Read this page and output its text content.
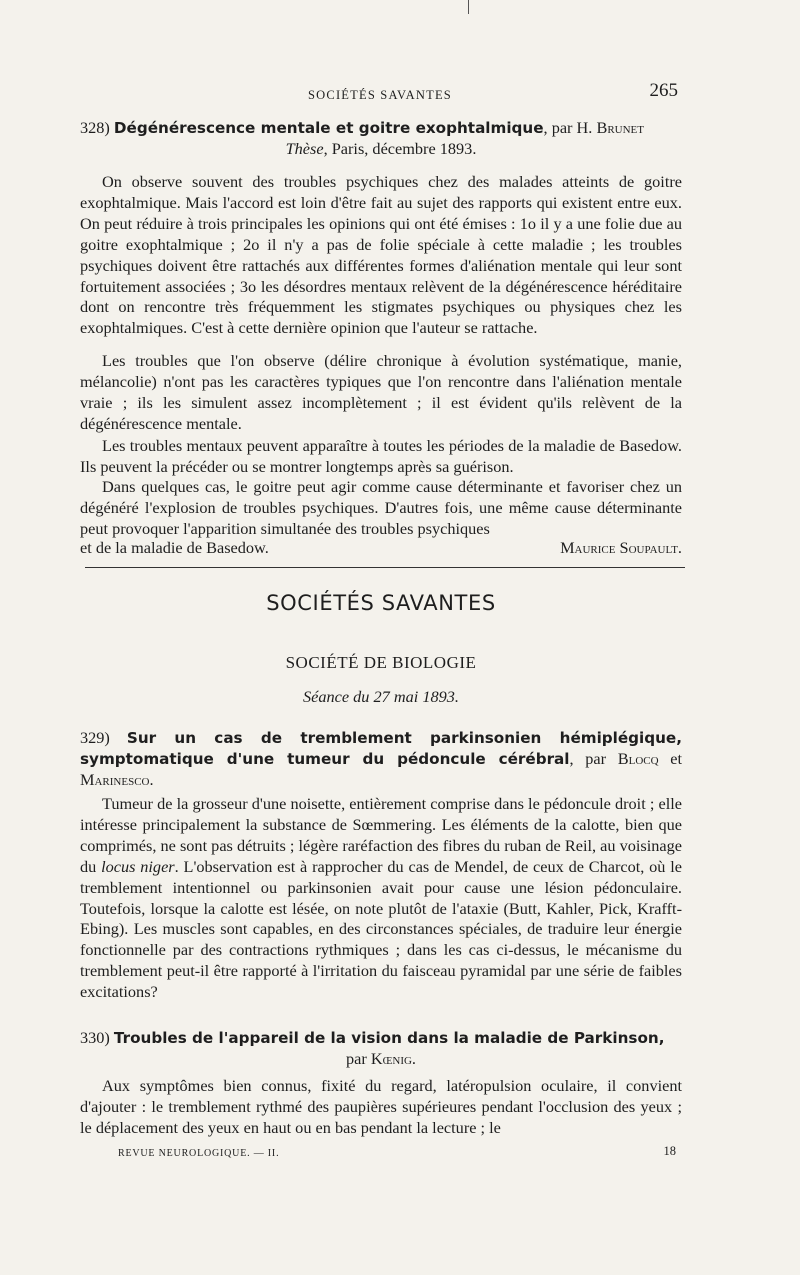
SOCIÉTÉS SAVANTES	265

328) Dégénérescence mentale et goitre exophtalmique, par H. Brunet

Thèse, Paris, décembre 1893.

On observe souvent des troubles psychiques chez des malades atteints de goitre exophtalmique. Mais l'accord est loin d'être fait au sujet des rapports qui existent entre eux. On peut réduire à trois principales les opinions qui ont été émises : 1o il y a une folie due au goitre exophtalmique ; 2o il n'y a pas de folie spéciale à cette maladie ; les troubles psychiques doivent être rattachés aux différentes formes d'aliénation mentale qui leur sont fortuitement associées ; 3o les désordres mentaux relèvent de la dégénérescence héréditaire dont on rencontre très fréquemment les stigmates psychiques ou physiques chez les exophtalmiques. C'est à cette dernière opinion que l'auteur se rattache.

Les troubles que l'on observe (délire chronique à évolution systématique, manie, mélancolie) n'ont pas les caractères typiques que l'on rencontre dans l'aliénation mentale vraie ; ils les simulent assez incomplètement ; il est évident qu'ils relèvent de la dégénérescence mentale.

Les troubles mentaux peuvent apparaître à toutes les périodes de la maladie de Basedow. Ils peuvent la précéder ou se montrer longtemps après sa guérison.

Dans quelques cas, le goitre peut agir comme cause déterminante et favoriser chez un dégénéré l'explosion de troubles psychiques. D'autres fois, une même cause déterminante peut provoquer l'apparition simultanée des troubles psychiques

et de la maladie de Basedow.	Maurice Soupault.

SOCIÉTÉS SAVANTES
SOCIÉTÉ DE BIOLOGIE
Séance du 27 mai 1893.

329) Sur un cas de tremblement parkinsonien hémiplégique, symptomatique d'une tumeur du pédoncule cérébral, par Blocq et Marinesco.

Tumeur de la grosseur d'une noisette, entièrement comprise dans le pédoncule droit ; elle intéresse principalement la substance de Sœmmering. Les éléments de la calotte, bien que comprimés, ne sont pas détruits ; légère raréfaction des fibres du ruban de Reil, au voisinage du locus niger. L'observation est à rapprocher du cas de Mendel, de ceux de Charcot, où le tremblement intentionnel ou parkinsonien avait pour cause une lésion pédonculaire. Toutefois, lorsque la calotte est lésée, on note plutôt de l'ataxie (Butt, Kahler, Pick, Krafft-Ebing). Les muscles sont capables, en des circonstances spéciales, de traduire leur énergie fonctionnelle par des contractions rythmiques ; dans les cas ci-dessus, le mécanisme du tremblement peut-il être rapporté à l'irritation du faisceau pyramidal par une série de faibles excitations?

330) Troubles de l'appareil de la vision dans la maladie de Parkinson,

par Kœnig.

Aux symptômes bien connus, fixité du regard, latéropulsion oculaire, il convient d'ajouter : le tremblement rythmé des paupières supérieures pendant l'occlusion des yeux ; le déplacement des yeux en haut ou en bas pendant la lecture ; le

REVUE NEUROLOGIQUE. — II.	18
